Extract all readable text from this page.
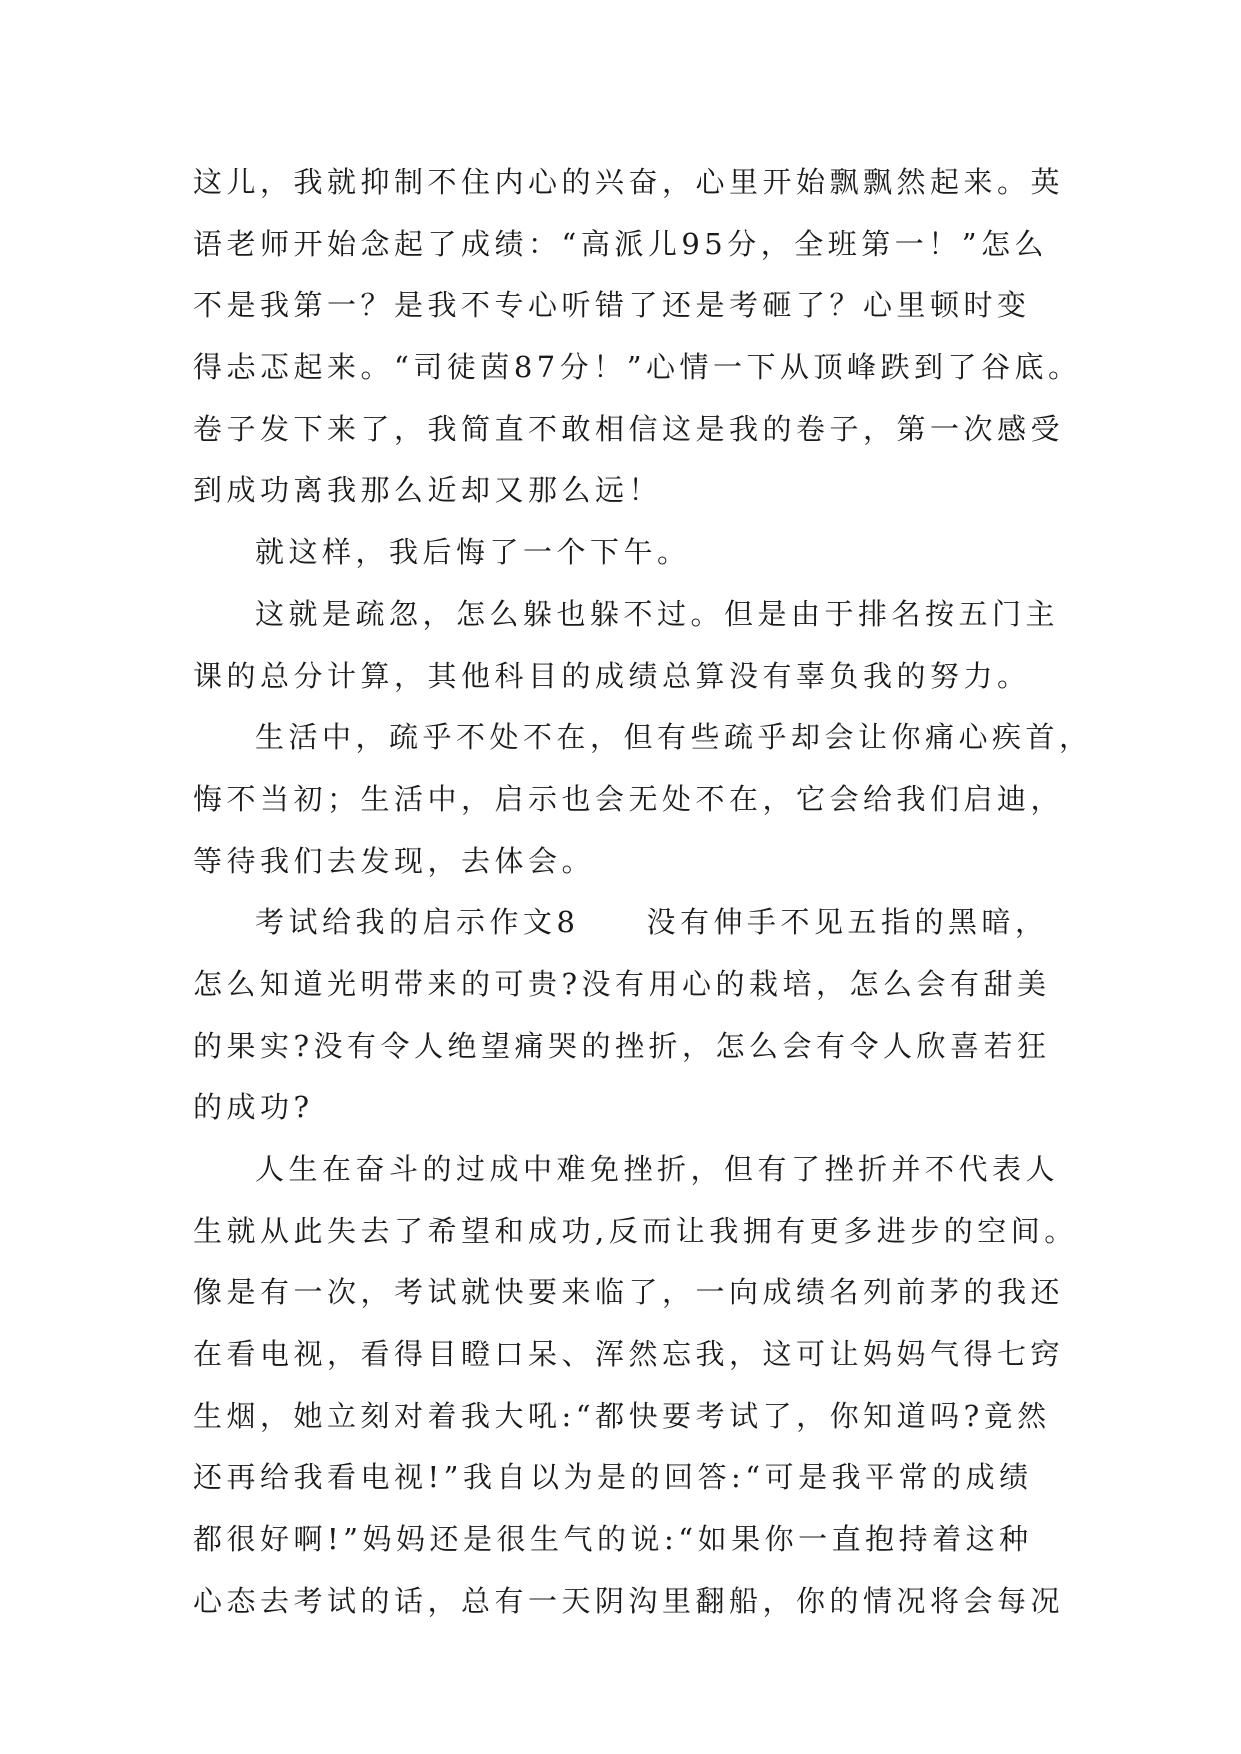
这儿，我就抑制不住内心的兴奋，心里开始飘飘然起来。英
语老师开始念起了成绩：“高派儿95分，全班第一！”怎么
不是我第一？是我不专心听错了还是考砸了？心里顿时变
得忐忑起来。“司徒茵87分！”心情一下从顶峰跌到了谷底。
卷子发下来了，我简直不敢相信这是我的卷子，第一次感受
到成功离我那么近却又那么远！
就这样，我后悔了一个下午。
这就是疏忽，怎么躲也躲不过。但是由于排名按五门主
课的总分计算，其他科目的成绩总算没有辜负我的努力。
生活中，疏乎不处不在，但有些疏乎却会让你痛心疾首，
悔不当初；生活中，启示也会无处不在，它会给我们启迪，
等待我们去发现，去体会。
考试给我的启示作文8　　没有伸手不见五指的黑暗，
怎么知道光明带来的可贵?没有用心的栽培，怎么会有甜美
的果实?没有令人绝望痛哭的挫折，怎么会有令人欣喜若狂
的成功?
人生在奋斗的过成中难免挫折，但有了挫折并不代表人
生就从此失去了希望和成功,反而让我拥有更多进步的空间。
像是有一次，考试就快要来临了，一向成绩名列前茅的我还
在看电视，看得目瞪口呆、浑然忘我，这可让妈妈气得七窍
生烟，她立刻对着我大吼:“都快要考试了，你知道吗?竟然
还再给我看电视!”我自以为是的回答:“可是我平常的成绩
都很好啊!”妈妈还是很生气的说:“如果你一直抱持着这种
心态去考试的话，总有一天阴沟里翻船，你的情况将会每况
